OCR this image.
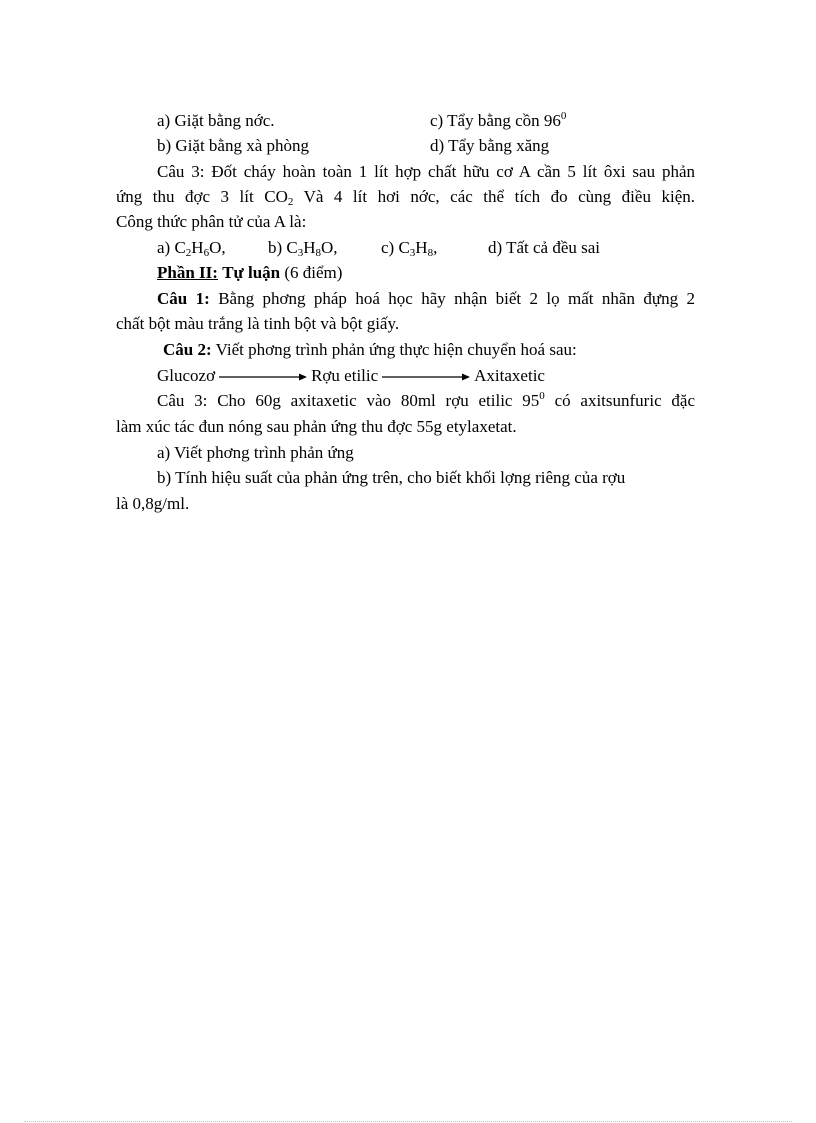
a) Giặt bằng nớc.	c) Tẩy bằng cồn $96^0$
b) Giặt bằng xà phòng	d) Tẩy bằng xăng
Câu 3: Đốt cháy hoàn toàn 1 lít hợp chất hữu cơ A cần 5 lít ôxi sau phản
ứng thu đợc 3 lít $CO_2$ Và 4 lít hơi nớc, các thể tích đo cùng điều kiện.
Công thức phân tử của A là:
a) $C_2H_6O$, b) $C_3H_8O$,	c) $C_3H_8$,	d) Tất cả đều sai
Phần II: Tự luận (6 điểm)
Câu 1: Bằng phơng pháp hoá học hãy nhận biết 2 lọ mất nhãn đựng 2
chất bột màu trắng là tinh bột và bột giấy.
Câu 2: Viết phơng trình phản ứng thực hiện chuyển hoá sau:
Glucozơ	Rợu etilic	Axitaxetic
Câu 3: Cho 60g axitaxetic vào 80ml rợu etilic $95^0$ có axitsunfuric đặc
làm xúc tác đun nóng sau phản ứng thu đợc 55g etylaxetat.
a) Viết phơng trình phản ứng
b) Tính hiệu suất của phản ứng trên, cho biết khối lợng riêng của rợu
là 0,8g/ml.
